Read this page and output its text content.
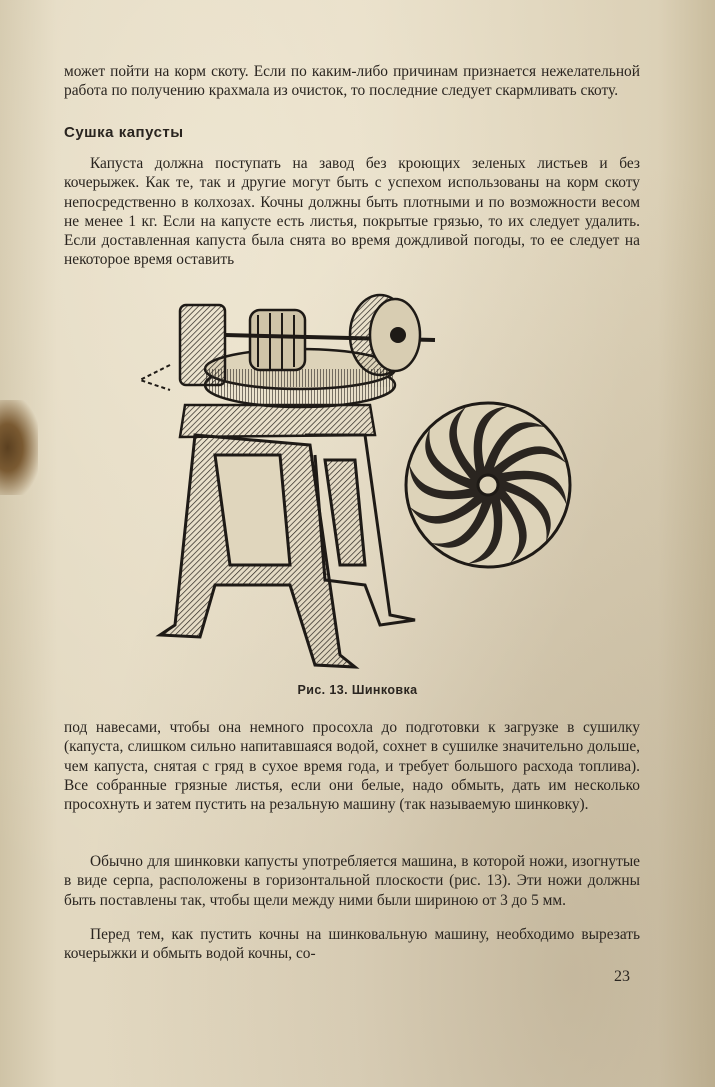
может пойти на корм скоту. Если по каким-либо причинам признается нежелательной работа по получению крахмала из очисток, то последние следует скармливать скоту.

Сушка капусты

Капуста должна поступать на завод без кроющих зеленых листьев и без кочерыжек. Как те, так и другие могут быть с успехом использованы на корм скоту непосредственно в колхозах. Кочны должны быть плотными и по возможности весом не менее 1 кг. Если на капусте есть листья, покрытые грязью, то их следует удалить. Если доставленная капуста была снята во время дождливой погоды, то ее следует на некоторое время оставить

Рис. 13. Шинковка

под навесами, чтобы она немного просохла до подготовки к загрузке в сушилку (капуста, слишком сильно напитавшаяся водой, сохнет в сушилке значительно дольше, чем капуста, снятая с гряд в сухое время года, и требует большого расхода топлива). Все собранные грязные листья, если они белые, надо обмыть, дать им несколько просохнуть и затем пустить на резальную машину (так называемую шинковку).

Обычно для шинковки капусты употребляется машина, в которой ножи, изогнутые в виде серпа, расположены в горизонтальной плоскости (рис. 13). Эти ножи должны быть поставлены так, чтобы щели между ними были шириною от 3 до 5 мм.

Перед тем, как пустить кочны на шинковальную машину, необходимо вырезать кочерыжки и обмыть водой кочны, со-

23
